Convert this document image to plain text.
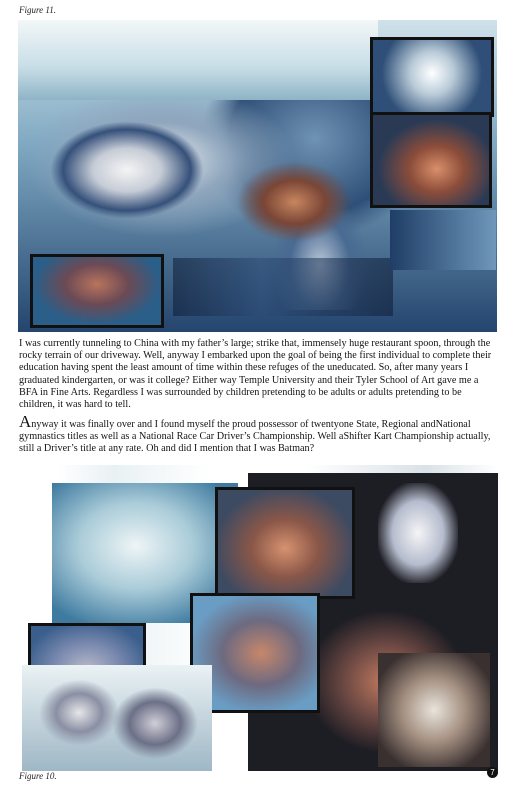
Figure 11.

I was currently tunneling to China with my father’s large; strike that, immensely huge restaurant spoon, through the rocky terrain of our driveway. Well, anyway I embarked upon the goal of being the first individual to complete their education having spent the least amount of time within these refuges of the uneducated. So, after many years I graduated kindergarten, or was it college? Either way Temple University and their Tyler School of Art gave me a BFA in Fine Arts. Regardless I was surrounded by children pretending to be adults or adults pretending to be children, it was hard to tell.

Anyway it was finally over and I found myself the proud possessor of twentyone State, Regional andNational gymnastics titles as well as a National Race Car Driver’s Championship. Well aShifter Kart Championship actually, still a Driver’s title at any rate. Oh and did I mention that I was Batman?

Figure 10.	7
